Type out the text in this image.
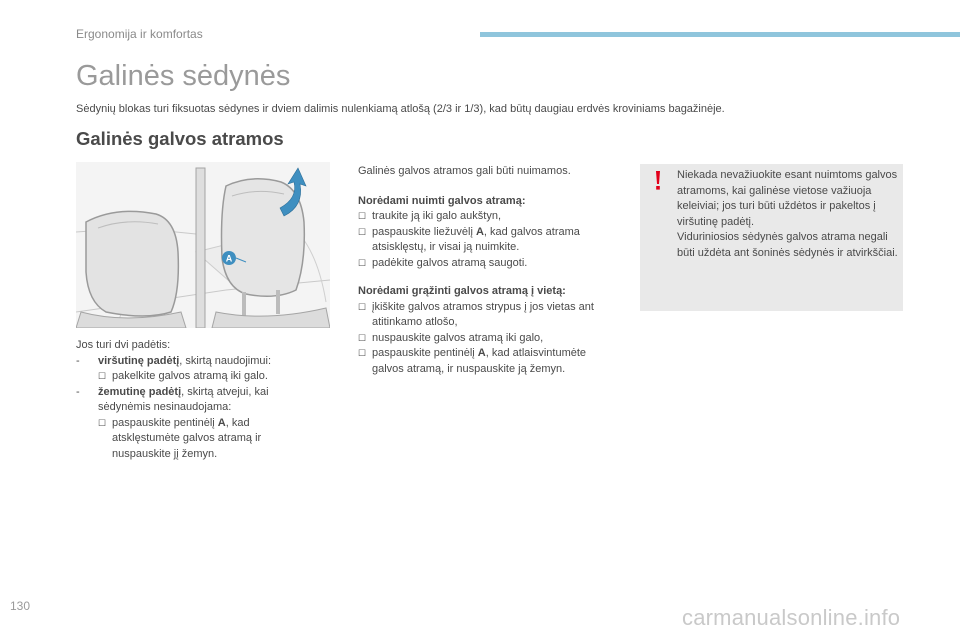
Ergonomija ir komfortas
Galinės sėdynės
Sėdynių blokas turi fiksuotas sėdynes ir dviem dalimis nulenkiamą atlošą (2/3 ir 1/3), kad būtų daugiau erdvės kroviniams bagažinėje.
Galinės galvos atramos
A
Jos turi dvi padėtis:
-	viršutinę padėtį, skirtą naudojimui:
☐ pakelkite galvos atramą iki galo.
-	žemutinę padėtį, skirtą atvejui, kai sėdynėmis nesinaudojama:
☐ paspauskite pentinėlį A, kad atsklęstumėte galvos atramą ir nuspauskite jį žemyn.
Galinės galvos atramos gali būti nuimamos.
Norėdami nuimti galvos atramą:
☐ traukite ją iki galo aukštyn,
☐ paspauskite liežuvėlį A, kad galvos atrama atsisklęstų, ir visai ją nuimkite.
☐ padėkite galvos atramą saugoti.
Norėdami grąžinti galvos atramą į vietą:
☐ įkiškite galvos atramos strypus į jos vietas ant atitinkamo atlošo,
☐ nuspauskite galvos atramą iki galo,
☐ paspauskite pentinėlį A, kad atlaisvintumėte galvos atramą, ir nuspauskite ją žemyn.
Niekada nevažiuokite esant nuimtoms galvos atramoms, kai galinėse vietose važiuoja keleiviai; jos turi būti uždėtos ir pakeltos į viršutinę padėtį.
Viduriniosios sėdynės galvos atrama negali būti uždėta ant šoninės sėdynės ir atvirkščiai.
130	carmanualsonline.info
